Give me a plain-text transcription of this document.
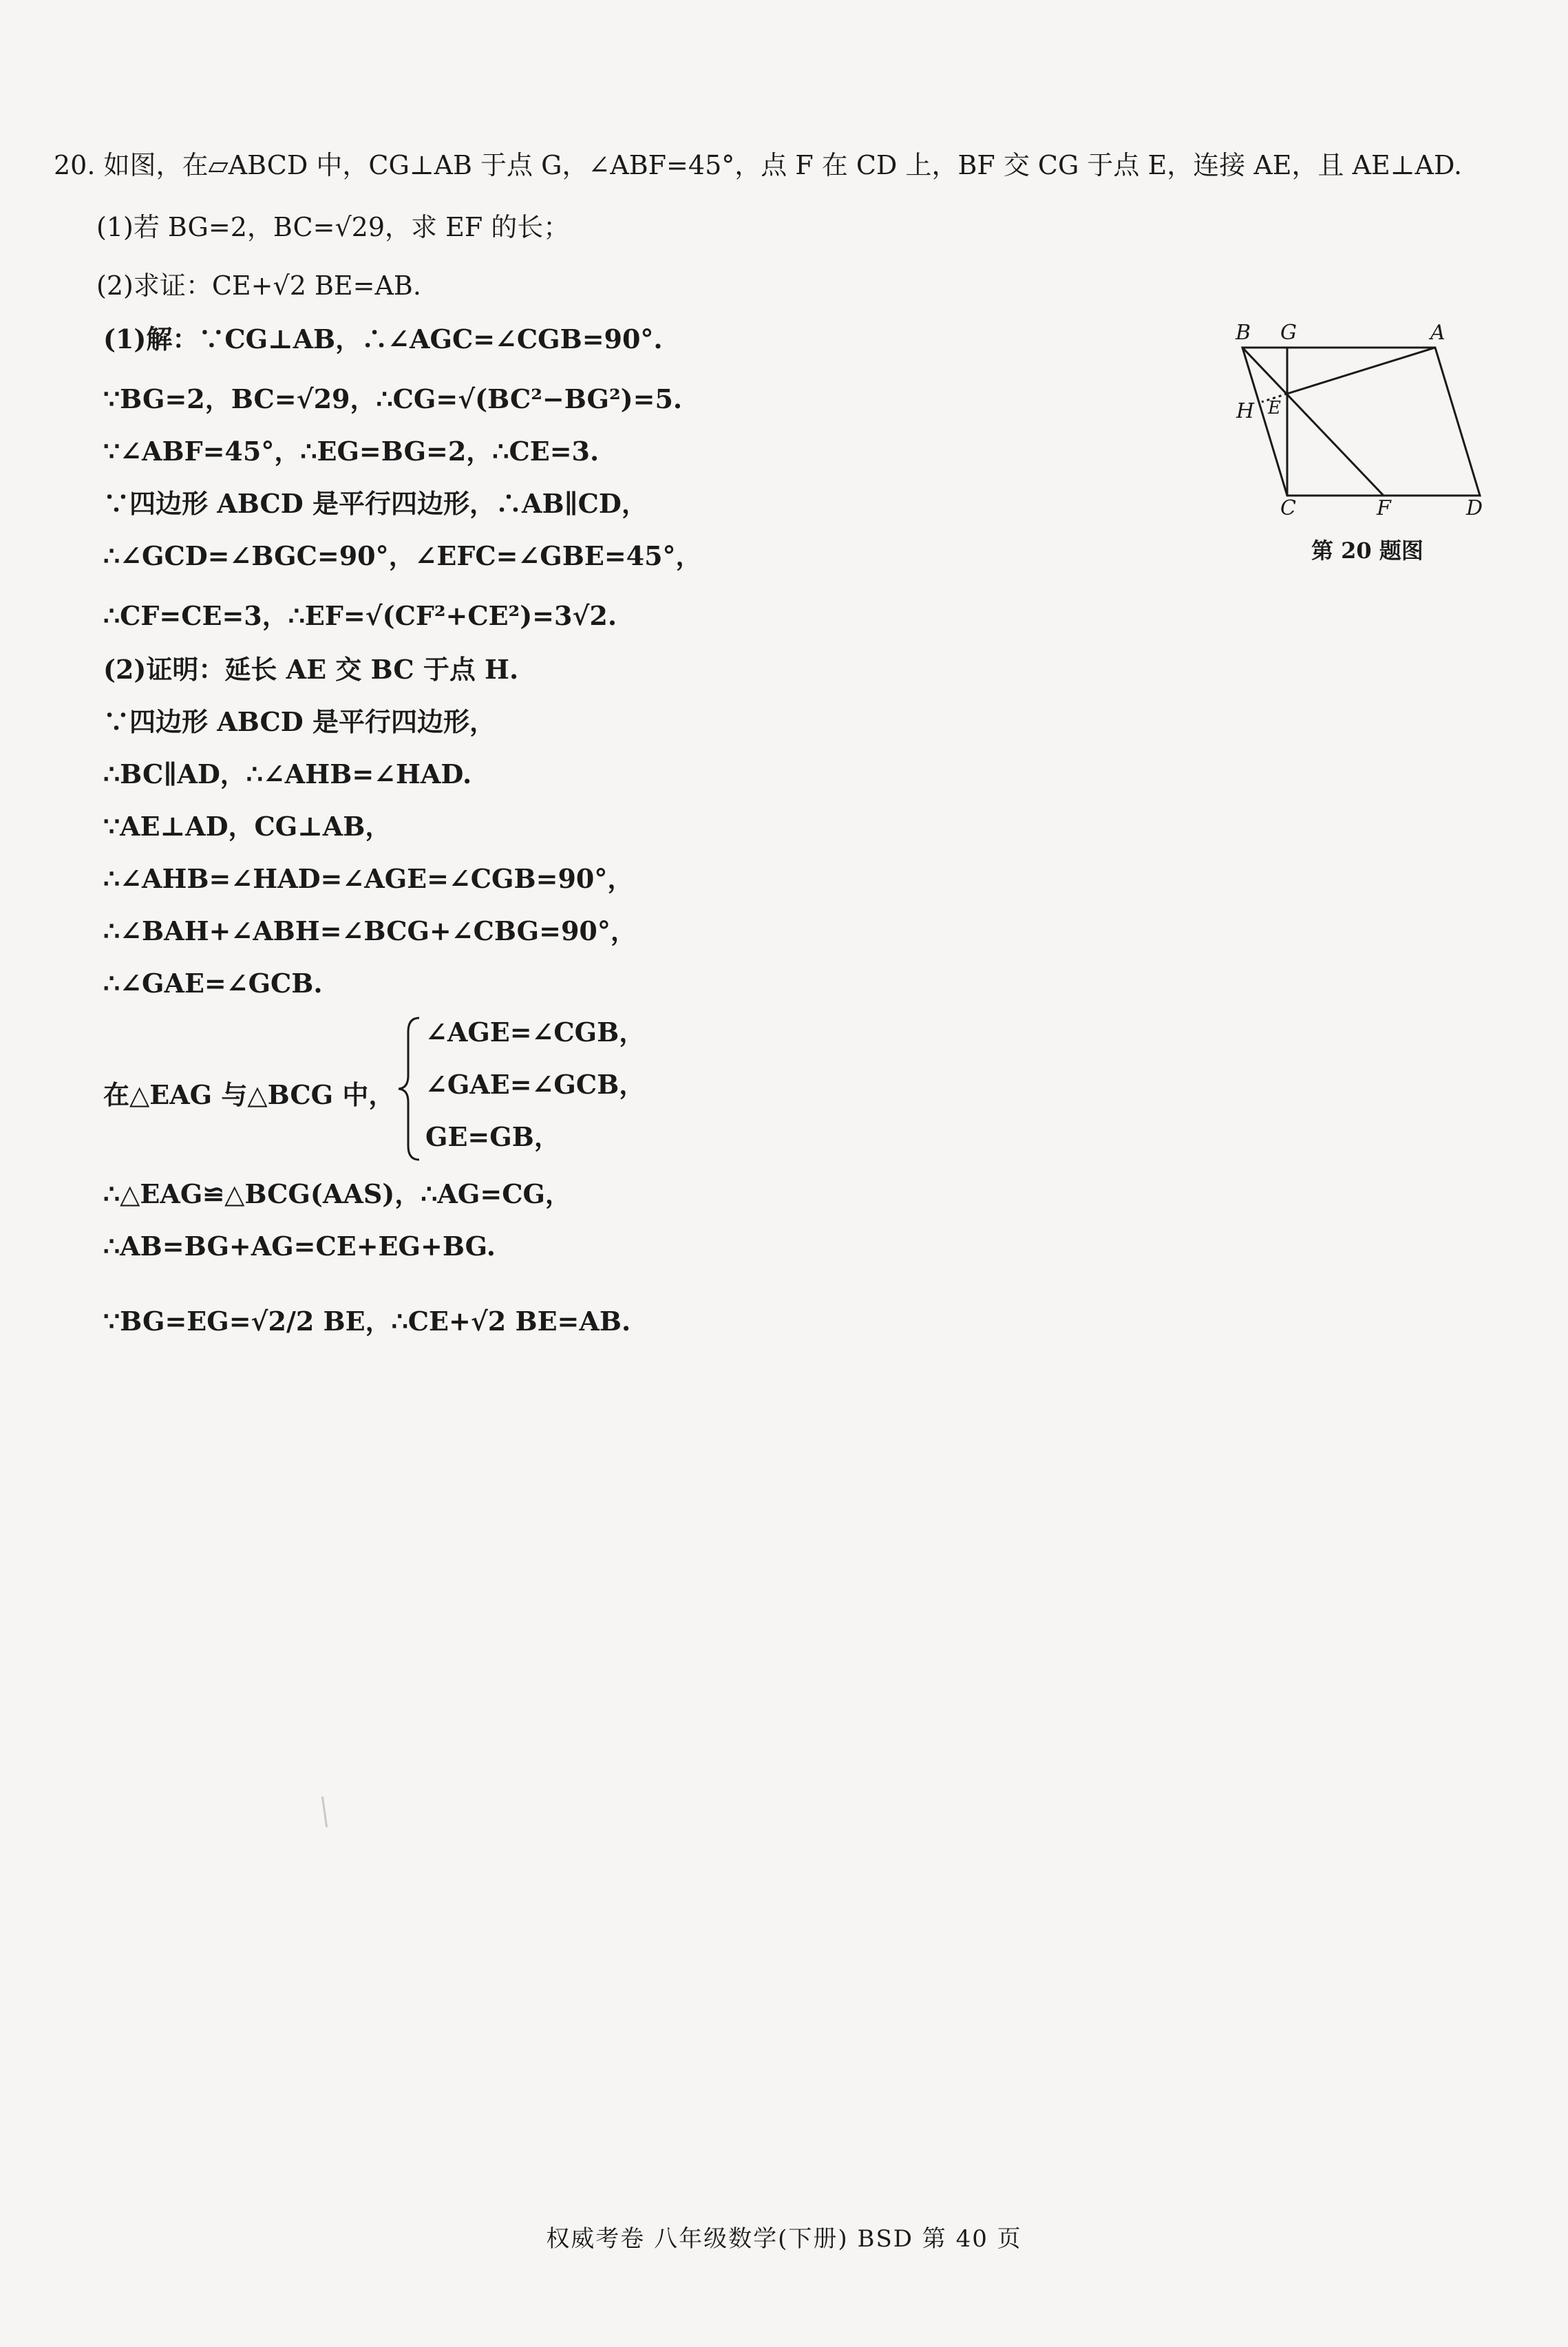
20. 如图，在▱ABCD 中，CG⊥AB 于点 G，∠ABF=45°，点 F 在 CD 上，BF 交 CG 于点 E，连接 AE，且 AE⊥AD.
(1)若 BG=2，BC=√29，求 EF 的长；
(2)求证：CE+√2 BE=AB.
(1)解：∵CG⊥AB，∴∠AGC=∠CGB=90°.
∵BG=2，BC=√29，∴CG=√(BC²−BG²)=5.
∵∠ABF=45°，∴EG=BG=2，∴CE=3.
∵四边形 ABCD 是平行四边形，∴AB∥CD，
∴∠GCD=∠BGC=90°，∠EFC=∠GBE=45°，
∴CF=CE=3，∴EF=√(CF²+CE²)=3√2.
(2)证明：延长 AE 交 BC 于点 H.
∵四边形 ABCD 是平行四边形，
∴BC∥AD，∴∠AHB=∠HAD.
∵AE⊥AD，CG⊥AB，
∴∠AHB=∠HAD=∠AGE=∠CGB=90°，
∴∠BAH+∠ABH=∠BCG+∠CBG=90°，
∴∠GAE=∠GCB.
在△EAG 与△BCG 中，
∠AGE=∠CGB，
∠GAE=∠GCB，
GE=GB，
∴△EAG≌△BCG(AAS)，∴AG=CG，
∴AB=BG+AG=CE+EG+BG.
∵BG=EG=√2/2 BE，∴CE+√2 BE=AB.
B G	A
H E
C	F	D
第 20 题图
权威考卷 八年级数学(下册) BSD 第 40 页
